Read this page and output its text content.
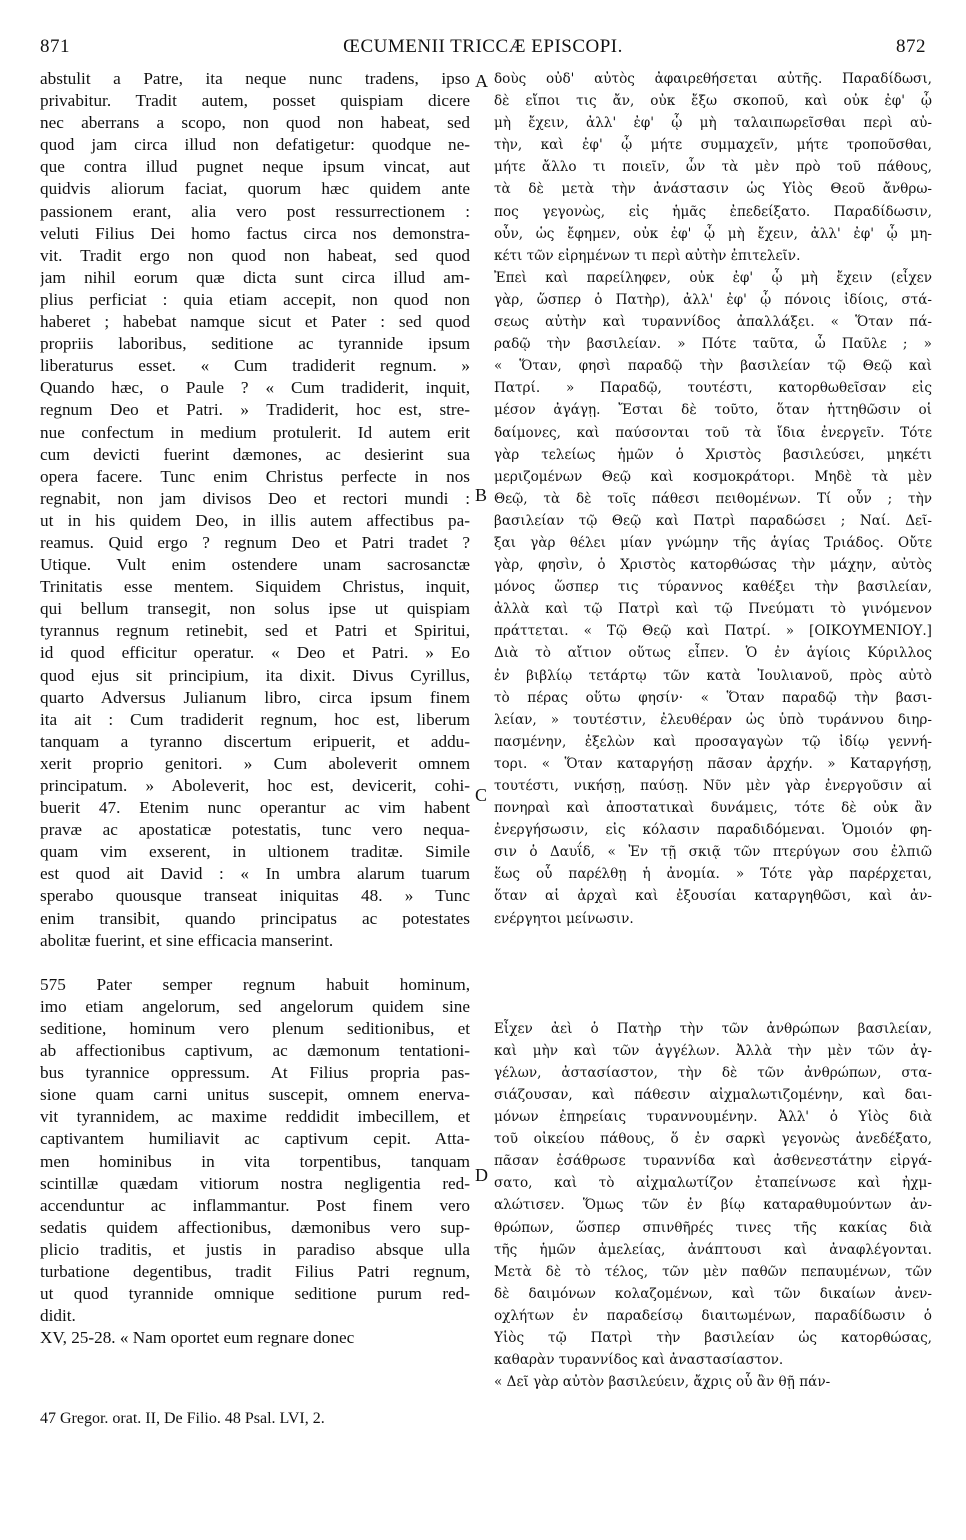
871	ŒCUMENII TRICCÆ EPISCOPI.	872
A
B
C
D
abstulit a Patre, ita neque nunc tradens, ipso
privabitur. Tradit autem, posset quispiam dicere
nec aberrans a scopo, non quod non habeat, sed
quod jam circa illud non defatigetur: quodque ne-
que contra illud pugnet neque ipsum vincat, aut
quidvis aliorum faciat, quorum hæc quidem ante
passionem erant, alia vero post ressurrectionem :
veluti Filius Dei homo factus circa nos demonstra-
vit. Tradit ergo non quod non habeat, sed quod
jam nihil eorum quæ dicta sunt circa illud am-
plius perficiat : quia etiam accepit, non quod non
haberet ; habebat namque sicut et Pater : sed quod
propriis laboribus, seditione ac tyrannide ipsum
liberaturus esset. « Cum tradiderit regnum. »
Quando hæc, o Paule ? « Cum tradiderit, inquit,
regnum Deo et Patri. » Tradiderit, hoc est, stre-
nue confectum in medium protulerit. Id autem erit
cum devicti fuerint dæmones, ac desierint sua
opera facere. Tunc enim Christus perfecte in nos
regnabit, non jam divisos Deo et rectori mundi :
ut in his quidem Deo, in illis autem affectibus pa-
reamus. Quid ergo ? regnum Deo et Patri tradet ?
Utique. Vult enim ostendere unam sacrosanctæ
Trinitatis esse mentem. Siquidem Christus, inquit,
qui bellum transegit, non solus ipse ut quispiam
tyrannus regnum retinebit, sed et Patri et Spiritui,
id quod efficitur operatur. « Deo et Patri. » Eo
quod ejus sit principium, ita dixit. Divus Cyrillus,
quarto Adversus Julianum libro, circa ipsum finem
ita ait : Cum tradiderit regnum, hoc est, liberum
tanquam a tyranno discertum eripuerit, et addu-
xerit proprio genitori. » Cum aboleverit omnem
principatum. » Aboleverit, hoc est, devicerit, cohi-
buerit 47. Etenim nunc operantur ac vim habent
pravæ ac apostaticæ potestatis, tunc vero nequa-
quam vim exserent, in ultionem traditæ. Simile
est quod ait David : « In umbra alarum tuarum
sperabo quousque transeat iniquitas 48. » Tunc
enim transibit, quando principatus ac potestates
abolitæ fuerint, et sine efficacia manserint.
575 Pater semper regnum habuit hominum,
imo etiam angelorum, sed angelorum quidem sine
seditione, hominum vero plenum seditionibus, et
ab affectionibus captivum, ac dæmonum tentationi-
bus tyrannice oppressum. At Filius propria pas-
sione quam carni unitus suscepit, omnem enerva-
vit tyrannidem, ac maxime reddidit imbecillem, et
captivantem humiliavit ac captivum cepit. Atta-
men hominibus in vita torpentibus, tanquam
scintillæ quædam vitiorum nostra negligentia red-
accenduntur ac inflammantur. Post finem vero
sedatis quidem affectionibus, dæmonibus vero sup-
plicio traditis, et justis in paradiso absque ulla
turbatione degentibus, tradit Filius Patri regnum,
ut quod tyrannide omnique seditione purum red-
didit.
XV, 25-28. « Nam oportet eum regnare donec
δοὺς οὐδ' αὐτὸς ἀφαιρεθήσεται αὐτῆς. Παραδίδωσι,
δὲ εἴποι τις ἄν, οὐκ ἔξω σκοποῦ, καὶ οὐκ ἐφ' ᾧ
μὴ ἔχειν, ἀλλ' ἐφ' ᾧ μὴ ταλαιπωρεῖσθαι περὶ αὐ-
τὴν, καὶ ἐφ' ᾧ μήτε συμμαχεῖν, μήτε τροποῦσθαι,
μήτε ἄλλο τι ποιεῖν, ὧν τὰ μὲν πρὸ τοῦ πάθους,
τὰ δὲ μετὰ τὴν ἀνάστασιν ὡς Υἱὸς Θεοῦ ἄνθρω-
πος γεγονὼς, εἰς ἡμᾶς ἐπεδείξατο. Παραδίδωσιν,
οὖν, ὡς ἔφημεν, οὐκ ἐφ' ᾧ μὴ ἔχειν, ἀλλ' ἐφ' ᾧ μη-
κέτι τῶν εἰρημένων τι περὶ αὐτὴν ἐπιτελεῖν.
Ἐπεὶ καὶ παρείληφεν, οὐκ ἐφ' ᾧ μὴ ἔχειν (εἶχεν
γὰρ, ὥσπερ ὁ Πατὴρ), ἀλλ' ἐφ' ᾧ πόνοις ἰδίοις, στά-
σεως αὐτὴν καὶ τυραννίδος ἀπαλλάξει. « Ὅταν πά-
ραδῷ τὴν βασιλείαν. » Πότε ταῦτα, ὦ Παῦλε ; »
« Ὅταν, φησὶ παραδῷ τὴν βασιλείαν τῷ Θεῷ καὶ
Πατρί. » Παραδῷ, τουτέστι, κατορθωθεῖσαν εἰς
μέσον ἀγάγῃ. Ἔσται δὲ τοῦτο, ὅταν ἡττηθῶσιν οἱ
δαίμονες, καὶ παύσονται τοῦ τὰ ἴδια ἐνεργεῖν. Τότε
γὰρ τελείως ἡμῶν ὁ Χριστὸς βασιλεύσει, μηκέτι
μεριζομένων Θεῷ καὶ κοσμοκράτορι. Μηδὲ τὰ μὲν
Θεῷ, τὰ δὲ τοῖς πάθεσι πειθομένων. Τί οὖν ; τὴν
βασιλείαν τῷ Θεῷ καὶ Πατρὶ παραδώσει ; Ναί. Δεῖ-
ξαι γὰρ θέλει μίαν γνώμην τῆς ἁγίας Τριάδος. Οὔτε
γὰρ, φησὶν, ὁ Χριστὸς κατορθώσας τὴν μάχην, αὐτὸς
μόνος ὥσπερ τις τύραννος καθέξει τὴν βασιλείαν,
ἀλλὰ καὶ τῷ Πατρὶ καὶ τῷ Πνεύματι τὸ γινόμενον
πράττεται. « Τῷ Θεῷ καὶ Πατρί. » [ΟΙΚΟΥΜΕΝΙΟΥ.]
Διὰ τὸ αἴτιον οὕτως εἶπεν. Ὁ ἐν ἁγίοις Κύριλλος
ἐν βιβλίῳ τετάρτῳ τῶν κατὰ Ἰουλιανοῦ, πρὸς αὐτὸ
τὸ πέρας οὕτω φησίν· « Ὅταν παραδῷ τὴν βασι-
λείαν, » τουτέστιν, ἐλευθέραν ὡς ὑπὸ τυράννου διηρ-
πασμένην, ἐξελὼν καὶ προσαγαγὼν τῷ ἰδίῳ γεννή-
τορι. « Ὅταν καταργήσῃ πᾶσαν ἀρχήν. » Καταργήσῃ,
τουτέστι, νικήσῃ, παύσῃ. Νῦν μὲν γὰρ ἐνεργοῦσιν αἱ
πονηραὶ καὶ ἀποστατικαὶ δυνάμεις, τότε δὲ οὐκ ἂν
ἐνεργήσωσιν, εἰς κόλασιν παραδιδόμεναι. Ὁμοιόν φη-
σιν ὁ Δαυΐδ, « Ἐν τῇ σκιᾷ τῶν πτερύγων σου ἐλπιῶ
ἕως οὗ παρέλθῃ ἡ ἀνομία. » Τότε γὰρ παρέρχεται,
ὅταν αἱ ἀρχαὶ καὶ ἐξουσίαι καταργηθῶσι, καὶ ἀν-
ενέργητοι μείνωσιν.
Εἶχεν ἀεὶ ὁ Πατὴρ τὴν τῶν ἀνθρώπων βασιλείαν,
καὶ μὴν καὶ τῶν ἀγγέλων. Ἀλλὰ τὴν μὲν τῶν ἀγ-
γέλων, ἀστασίαστον, τὴν δὲ τῶν ἀνθρώπων, στα-
σιάζουσαν, καὶ πάθεσιν αἰχμαλωτιζομένην, καὶ δαι-
μόνων ἐπηρείαις τυραννουμένην. Ἀλλ' ὁ Υἱὸς διὰ
τοῦ οἰκείου πάθους, ὅ ἐν σαρκὶ γεγονὼς ἀνεδέξατο,
πᾶσαν ἐσάθρωσε τυραννίδα καὶ ἀσθενεστάτην εἰργά-
σατο, καὶ τὸ αἰχμαλωτίζον ἐταπείνωσε καὶ ἠχμ-
αλώτισεν. Ὅμως τῶν ἐν βίῳ καταραθυμούντων ἀν-
θρώπων, ὥσπερ σπινθῆρές τινες τῆς κακίας διὰ
τῆς ἡμῶν ἀμελείας, ἀνάπτουσι καὶ ἀναφλέγονται.
Μετὰ δὲ τὸ τέλος, τῶν μὲν παθῶν πεπαυμένων, τῶν
δὲ δαιμόνων κολαζομένων, καὶ τῶν δικαίων ἀνεν-
οχλήτων ἐν παραδείσῳ διαιτωμένων, παραδίδωσιν ὁ
Υἱὸς τῷ Πατρὶ τὴν βασιλείαν ὡς κατορθώσας,
καθαρὰν τυραννίδος καὶ ἀναστασίαστον.
« Δεῖ γὰρ αὐτὸν βασιλεύειν, ἄχρις οὗ ἂν θῇ πάν-
47 Gregor. orat. II, De Filio. 48 Psal. LVI, 2.
